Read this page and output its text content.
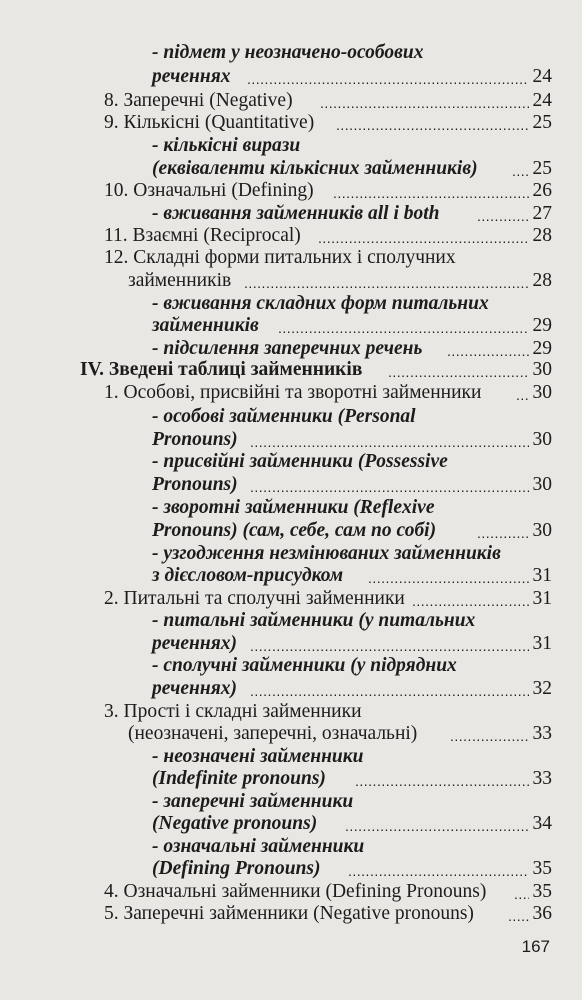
- підмет у неозначено-особових
реченнях .....	24
8. Заперечні (Negative) .....	24
9. Кількісні (Quantitative) .....	25
- кількісні вирази
(еквіваленти кількісних займенників) .....	25
10. Означальні (Defining) .....	26
- вживання займенників all і both .....	27
11. Взаємні (Reciprocal) .....	28
12. Складні форми питальних і сполучних
займенників .....	28
- вживання складних форм питальних
займенників .....	29
- підсилення заперечних речень .....	29
IV. Зведені таблиці займенників .....	30
1. Особові, присвійні та зворотні займенники .....	30
- особові займенники (Personal
Pronouns) .....	30
- присвійні займенники (Possessive
Pronouns) .....	30
- зворотні займенники (Reflexive
Pronouns) (сам, себе, сам по собі) .....	30
- узгодження незмінюваних займенників
з дієсловом-присудком .....	31
2. Питальні та сполучні займенники .....	31
- питальні займенники (у питальних
реченнях) .....	31
- сполучні займенники (у підрядних
реченнях) .....	32
3. Прості і складні займенники
(неозначені, заперечні, означальні) .....	33
- неозначені займенники
(Indefinite pronouns) .....	33
- заперечні займенники
(Negative pronouns) .....	34
- означальні займенники
(Defining Pronouns) .....	35
4. Означальні займенники (Defining Pronouns) ..... 35
5. Заперечні займенники (Negative pronouns) .....	36
167
